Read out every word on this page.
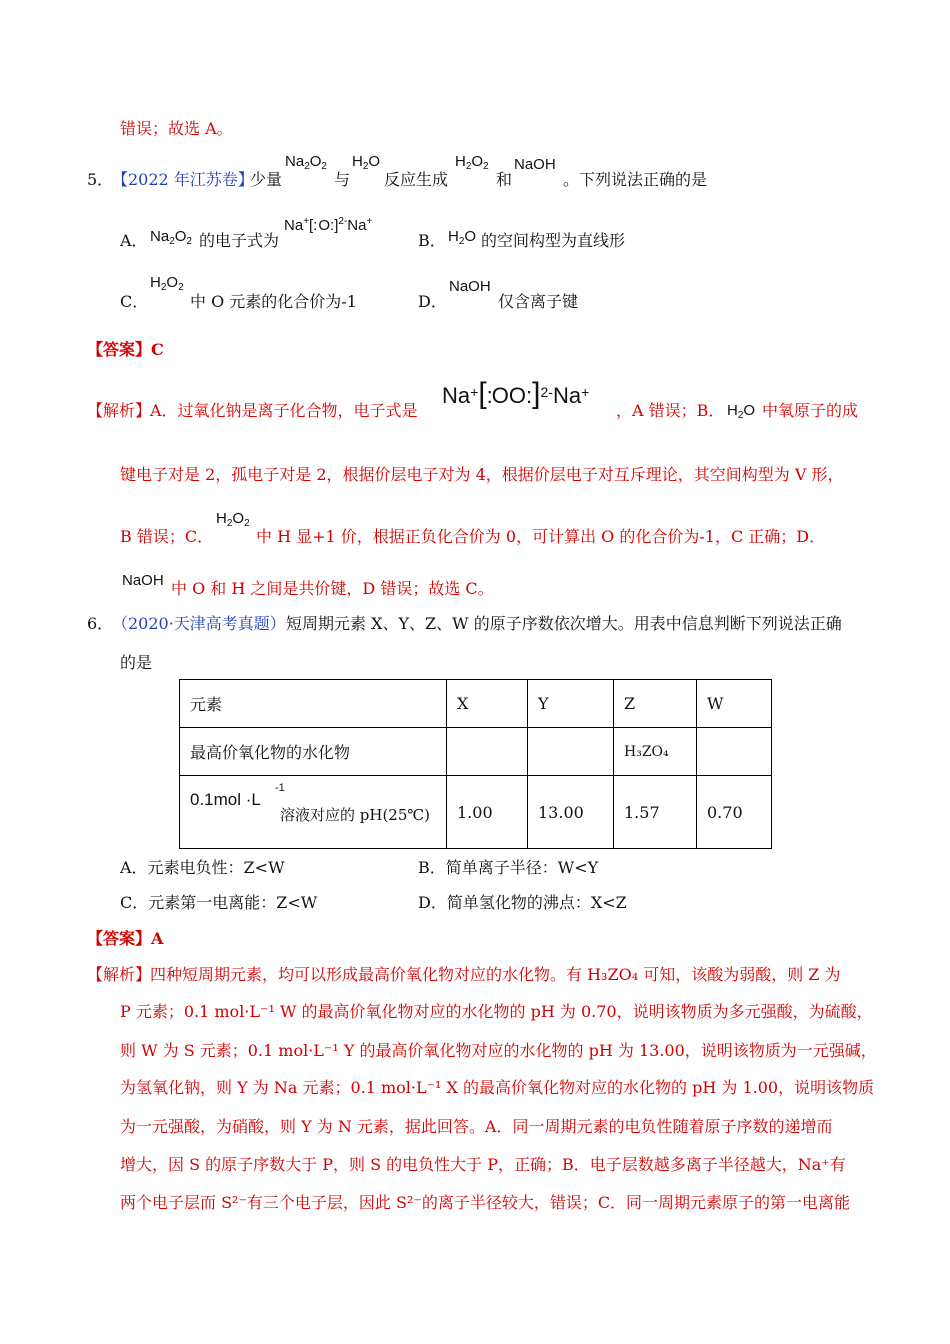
错误；故选 A。
5．
【2022 年江苏卷】
少量
$Na_2O_2$
与
$H_2O$
反应生成
$H_2O_2$
和
NaOH
。下列说法正确的是
A． $Na_2O_2$ 的电子式为
Na+[:O:]$^{2-}$Na+
B． $H_2O$ 的空间构型为直线形
C．
$H_2O_2$
中 O 元素的化合价为-1	D．
NaOH
仅含离子键
【答案】C
【解析】
A．过氧化钠是离子化合物，电子式是
Na+[:OO:]$^{2-}$Na+
，A 错误；B． $H_2O$ 中氧原子的成
键电子对是 2，孤电子对是 2，根据价层电子对为 4，根据价层电子对互斥理论，其空间构型为 V 形，
B 错误；C．
$H_2O_2$
中 H 显+1 价，根据正负化合价为 0，可计算出 O 的化合价为-1，C 正确；D．
NaOH 中 O 和 H 之间是共价键，D 错误；故选 C。
6．
（2020·天津高考真题） 短周期元素 X、Y、Z、W 的原子序数依次增大。用表中信息判断下列说法正确
的是
元素	X	Y	Z	W
最高价氧化物的水化物			H₃ZO₄	

0.1mol ·L
-1
溶液对应的 pH(25℃)	1.00	13.00	1.57	0.70
A．元素电负性：Z<W	B．简单离子半径：W<Y
C．元素第一电离能：Z<W	D．简单氢化物的沸点：X<Z
【答案】A
【解析】
四种短周期元素，均可以形成最高价氧化物对应的水化物。有 H₃ZO₄ 可知，该酸为弱酸，则 Z 为
P 元素；0.1 mol·L⁻¹ W 的最高价氧化物对应的水化物的 pH 为 0.70，说明该物质为多元强酸，为硫酸，
则 W 为 S 元素；0.1 mol·L⁻¹ Y 的最高价氧化物对应的水化物的 pH 为 13.00，说明该物质为一元强碱，
为氢氧化钠，则 Y 为 Na 元素；0.1 mol·L⁻¹ X 的最高价氧化物对应的水化物的 pH 为 1.00，说明该物质
为一元强酸，为硝酸，则 Y 为 N 元素，据此回答。A．同一周期元素的电负性随着原子序数的递增而
增大，因 S 的原子序数大于 P，则 S 的电负性大于 P，正确；B．电子层数越多离子半径越大，Na⁺有
两个电子层而 S²⁻有三个电子层，因此 S²⁻的离子半径较大，错误；C．同一周期元素原子的第一电离能
